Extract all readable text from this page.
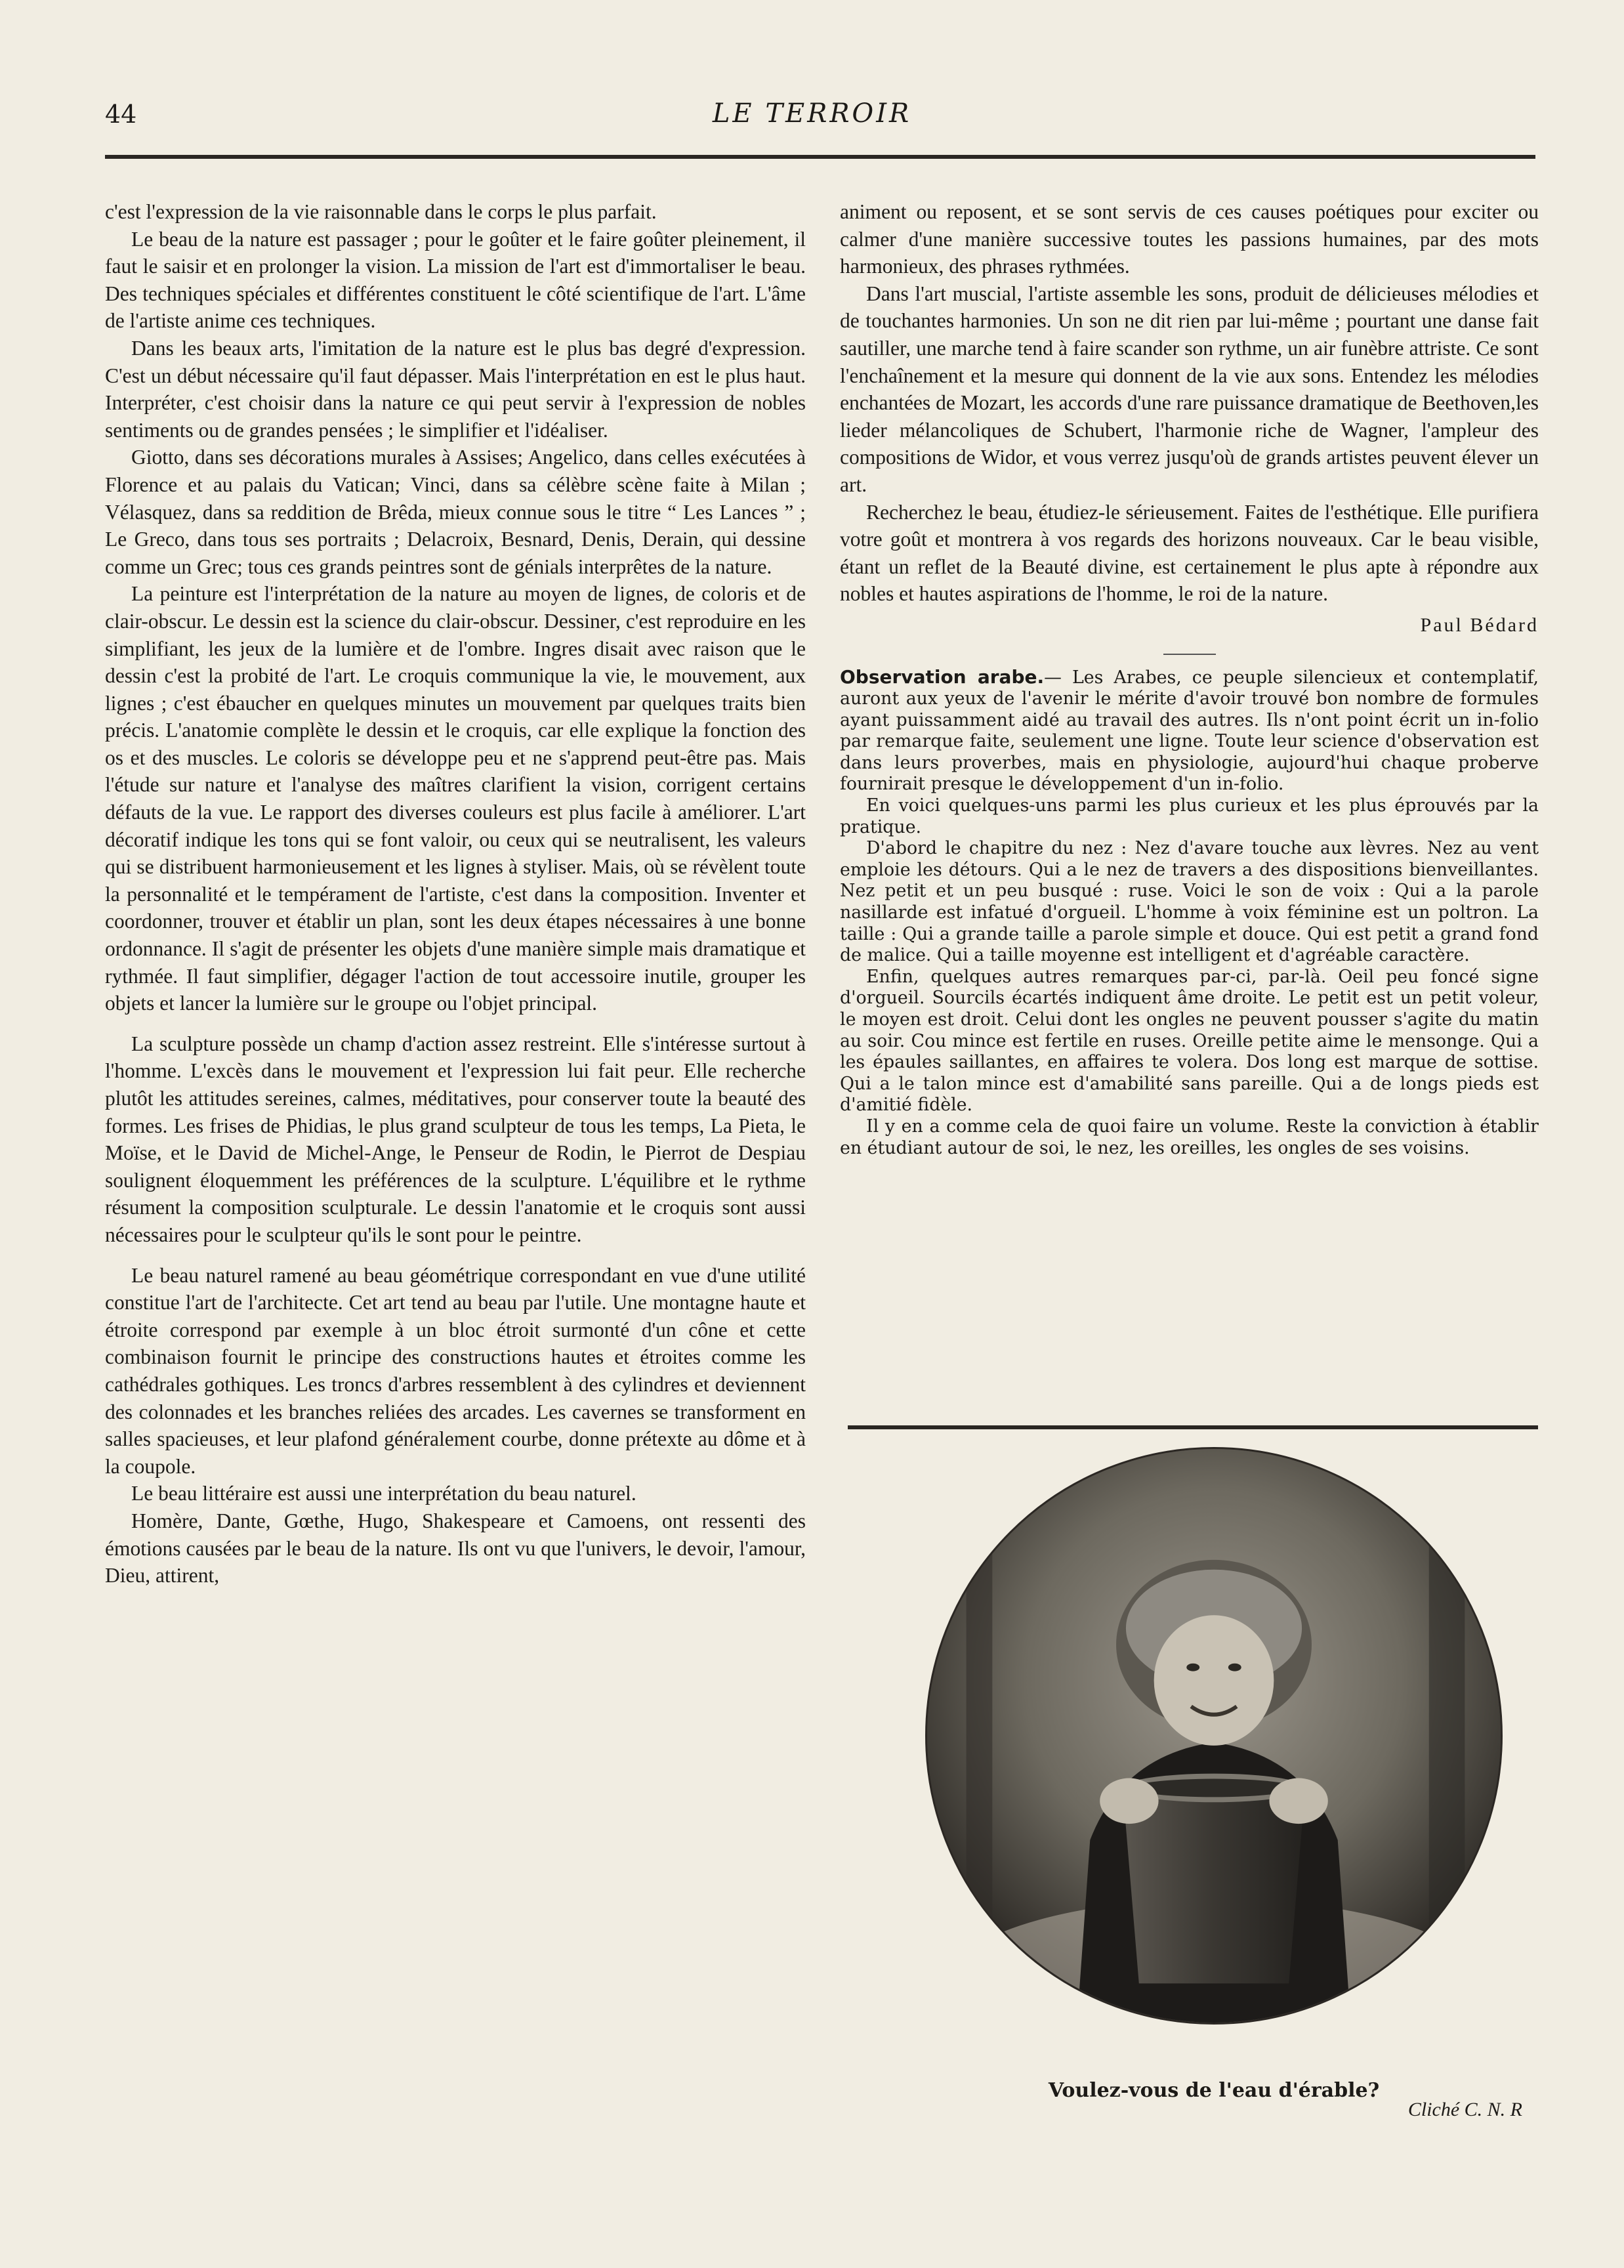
44	LE TERROIR

c'est l'expression de la vie raisonnable dans le corps le plus parfait.

Le beau de la nature est passager ; pour le goûter et le faire goûter pleinement, il faut le saisir et en prolonger la vision. La mission de l'art est d'immortaliser le beau. Des techniques spéciales et différentes constituent le côté scientifique de l'art. L'âme de l'artiste anime ces techniques.

Dans les beaux arts, l'imitation de la nature est le plus bas degré d'expression. C'est un début nécessaire qu'il faut dépasser. Mais l'interprétation en est le plus haut. Interpréter, c'est choisir dans la nature ce qui peut servir à l'expression de nobles sentiments ou de grandes pensées ; le simplifier et l'idéaliser.

Giotto, dans ses décorations murales à Assises; Angelico, dans celles exécutées à Florence et au palais du Vatican; Vinci, dans sa célèbre scène faite à Milan ; Vélasquez, dans sa reddition de Brêda, mieux connue sous le titre “ Les Lances ” ; Le Greco, dans tous ses portraits ; Delacroix, Besnard, Denis, Derain, qui dessine comme un Grec; tous ces grands peintres sont de génials interprêtes de la nature.

La peinture est l'interprétation de la nature au moyen de lignes, de coloris et de clair-obscur. Le dessin est la science du clair-obscur. Dessiner, c'est reproduire en les simplifiant, les jeux de la lumière et de l'ombre. Ingres disait avec raison que le dessin c'est la probité de l'art. Le croquis communique la vie, le mouvement, aux lignes ; c'est ébaucher en quelques minutes un mouvement par quelques traits bien précis. L'anatomie complète le dessin et le croquis, car elle explique la fonction des os et des muscles. Le coloris se développe peu et ne s'apprend peut-être pas. Mais l'étude sur nature et l'analyse des maîtres clarifient la vision, corrigent certains défauts de la vue. Le rapport des diverses couleurs est plus facile à améliorer. L'art décoratif indique les tons qui se font valoir, ou ceux qui se neutralisent, les valeurs qui se distribuent harmonieusement et les lignes à styliser. Mais, où se révèlent toute la personnalité et le tempérament de l'artiste, c'est dans la composition. Inventer et coordonner, trouver et établir un plan, sont les deux étapes nécessaires à une bonne ordonnance. Il s'agit de présenter les objets d'une manière simple mais dramatique et rythmée. Il faut simplifier, dégager l'action de tout accessoire inutile, grouper les objets et lancer la lumière sur le groupe ou l'objet principal.

La sculpture possède un champ d'action assez restreint. Elle s'intéresse surtout à l'homme. L'excès dans le mouvement et l'expression lui fait peur. Elle recherche plutôt les attitudes sereines, calmes, méditatives, pour conserver toute la beauté des formes. Les frises de Phidias, le plus grand sculpteur de tous les temps, La Pieta, le Moïse, et le David de Michel-Ange, le Penseur de Rodin, le Pierrot de Despiau soulignent éloquemment les préférences de la sculpture. L'équilibre et le rythme résument la composition sculpturale. Le dessin l'anatomie et le croquis sont aussi nécessaires pour le sculpteur qu'ils le sont pour le peintre.

Le beau naturel ramené au beau géométrique correspondant en vue d'une utilité constitue l'art de l'architecte. Cet art tend au beau par l'utile. Une montagne haute et étroite correspond par exemple à un bloc étroit surmonté d'un cône et cette combinaison fournit le principe des constructions hautes et étroites comme les cathédrales gothiques. Les troncs d'arbres ressemblent à des cylindres et deviennent des colonnades et les branches reliées des arcades. Les cavernes se transforment en salles spacieuses, et leur plafond généralement courbe, donne prétexte au dôme et à la coupole.

Le beau littéraire est aussi une interprétation du beau naturel.

Homère, Dante, Gœthe, Hugo, Shakespeare et Camoens, ont ressenti des émotions causées par le beau de la nature. Ils ont vu que l'univers, le devoir, l'amour, Dieu, attirent,

animent ou reposent, et se sont servis de ces causes poétiques pour exciter ou calmer d'une manière successive toutes les passions humaines, par des mots harmonieux, des phrases rythmées.

Dans l'art muscial, l'artiste assemble les sons, produit de délicieuses mélodies et de touchantes harmonies. Un son ne dit rien par lui-même ; pourtant une danse fait sautiller, une marche tend à faire scander son rythme, un air funèbre attriste. Ce sont l'enchaînement et la mesure qui donnent de la vie aux sons. Entendez les mélodies enchantées de Mozart, les accords d'une rare puissance dramatique de Beethoven,les lieder mélancoliques de Schubert, l'harmonie riche de Wagner, l'ampleur des compositions de Widor, et vous verrez jusqu'où de grands artistes peuvent élever un art.

Recherchez le beau, étudiez-le sérieusement. Faites de l'esthétique. Elle purifiera votre goût et montrera à vos regards des horizons nouveaux. Car le beau visible, étant un reflet de la Beauté divine, est certainement le plus apte à répondre aux nobles et hautes aspirations de l'homme, le roi de la nature.

Paul Bédard

Observation arabe.— Les Arabes, ce peuple silencieux et contemplatif, auront aux yeux de l'avenir le mérite d'avoir trouvé bon nombre de formules ayant puissamment aidé au travail des autres. Ils n'ont point écrit un in-folio par remarque faite, seulement une ligne. Toute leur science d'observation est dans leurs proverbes, mais en physiologie, aujourd'hui chaque proberve fournirait presque le développement d'un in-folio.

En voici quelques-uns parmi les plus curieux et les plus éprouvés par la pratique.

D'abord le chapitre du nez : Nez d'avare touche aux lèvres. Nez au vent emploie les détours. Qui a le nez de travers a des dispositions bienveillantes. Nez petit et un peu busqué : ruse. Voici le son de voix : Qui a la parole nasillarde est infatué d'orgueil. L'homme à voix féminine est un poltron. La taille : Qui a grande taille a parole simple et douce. Qui est petit a grand fond de malice. Qui a taille moyenne est intelligent et d'agréable caractère.

Enfin, quelques autres remarques par-ci, par-là. Oeil peu foncé signe d'orgueil. Sourcils écartés indiquent âme droite. Le petit est un petit voleur, le moyen est droit. Celui dont les ongles ne peuvent pousser s'agite du matin au soir. Cou mince est fertile en ruses. Oreille petite aime le mensonge. Qui a les épaules saillantes, en affaires te volera. Dos long est marque de sottise. Qui a le talon mince est d'amabilité sans pareille. Qui a de longs pieds est d'amitié fidèle.

Il y en a comme cela de quoi faire un volume. Reste la conviction à établir en étudiant autour de soi, le nez, les oreilles, les ongles de ses voisins.

Voulez-vous de l'eau d'érable?
Cliché C. N. R
